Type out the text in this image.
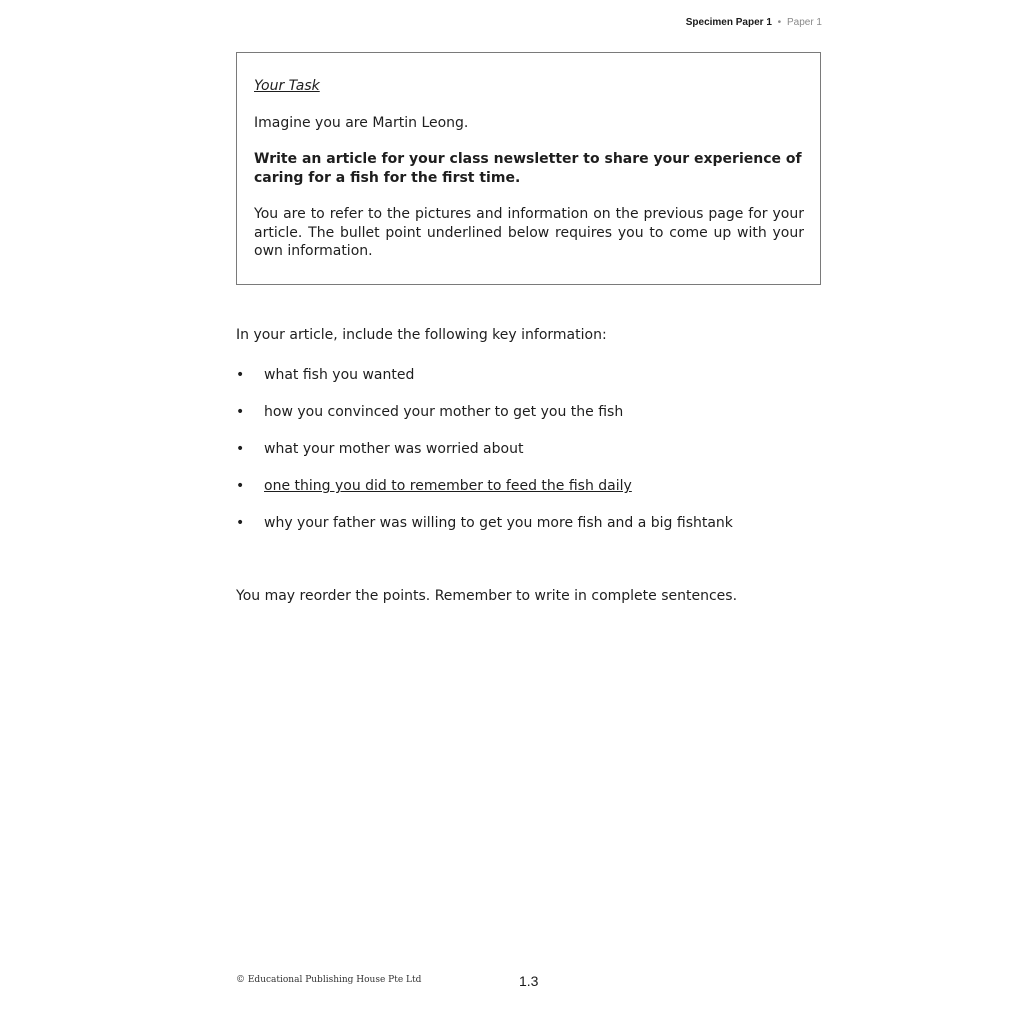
Specimen Paper 1 • Paper 1

Your Task

Imagine you are Martin Leong.

Write an article for your class newsletter to share your experience of caring for a fish for the first time.

You are to refer to the pictures and information on the previous page for your article. The bullet point underlined below requires you to come up with your own information.

In your article, include the following key information:

• what fish you wanted
• how you convinced your mother to get you the fish
• what your mother was worried about
• one thing you did to remember to feed the fish daily
• why your father was willing to get you more fish and a big fishtank

You may reorder the points. Remember to write in complete sentences.

© Educational Publishing House Pte Ltd	1.3
